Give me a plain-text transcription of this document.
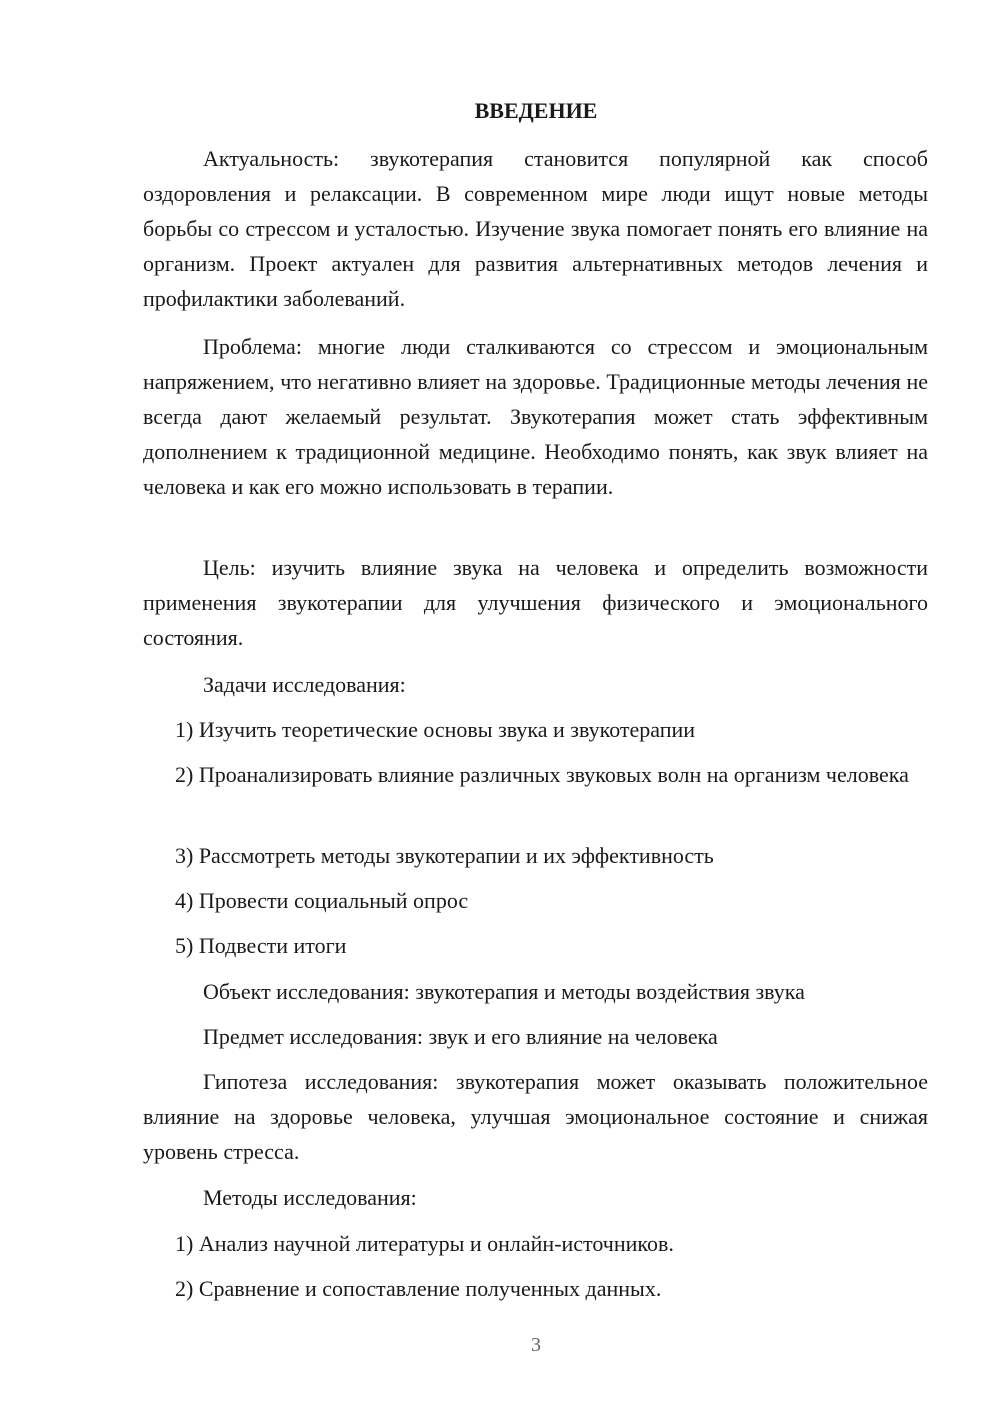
ВВЕДЕНИЕ
Актуальность: звукотерапия становится популярной как способ оздоровления и релаксации. В современном мире люди ищут новые методы борьбы со стрессом и усталостью. Изучение звука помогает понять его влияние на организм. Проект актуален для развития альтернативных методов лечения и профилактики заболеваний.
Проблема: многие люди сталкиваются со стрессом и эмоциональным напряжением, что негативно влияет на здоровье. Традиционные методы лечения не всегда дают желаемый результат. Звукотерапия может стать эффективным дополнением к традиционной медицине. Необходимо понять, как звук влияет на человека и как его можно использовать в терапии.
Цель: изучить влияние звука на человека и определить возможности применения звукотерапии для улучшения физического и эмоционального состояния.
Задачи исследования:
1) Изучить теоретические основы звука и звукотерапии
2) Проанализировать влияние различных звуковых волн на организм человека
3) Рассмотреть методы звукотерапии и их эффективность
4) Провести социальный опрос
5) Подвести итоги
Объект исследования: звукотерапия и методы воздействия звука
Предмет исследования: звук и его влияние на человека
Гипотеза исследования: звукотерапия может оказывать положительное влияние на здоровье человека, улучшая эмоциональное состояние и снижая уровень стресса.
Методы исследования:
1) Анализ научной литературы и онлайн-источников.
2) Сравнение и сопоставление полученных данных.
3
